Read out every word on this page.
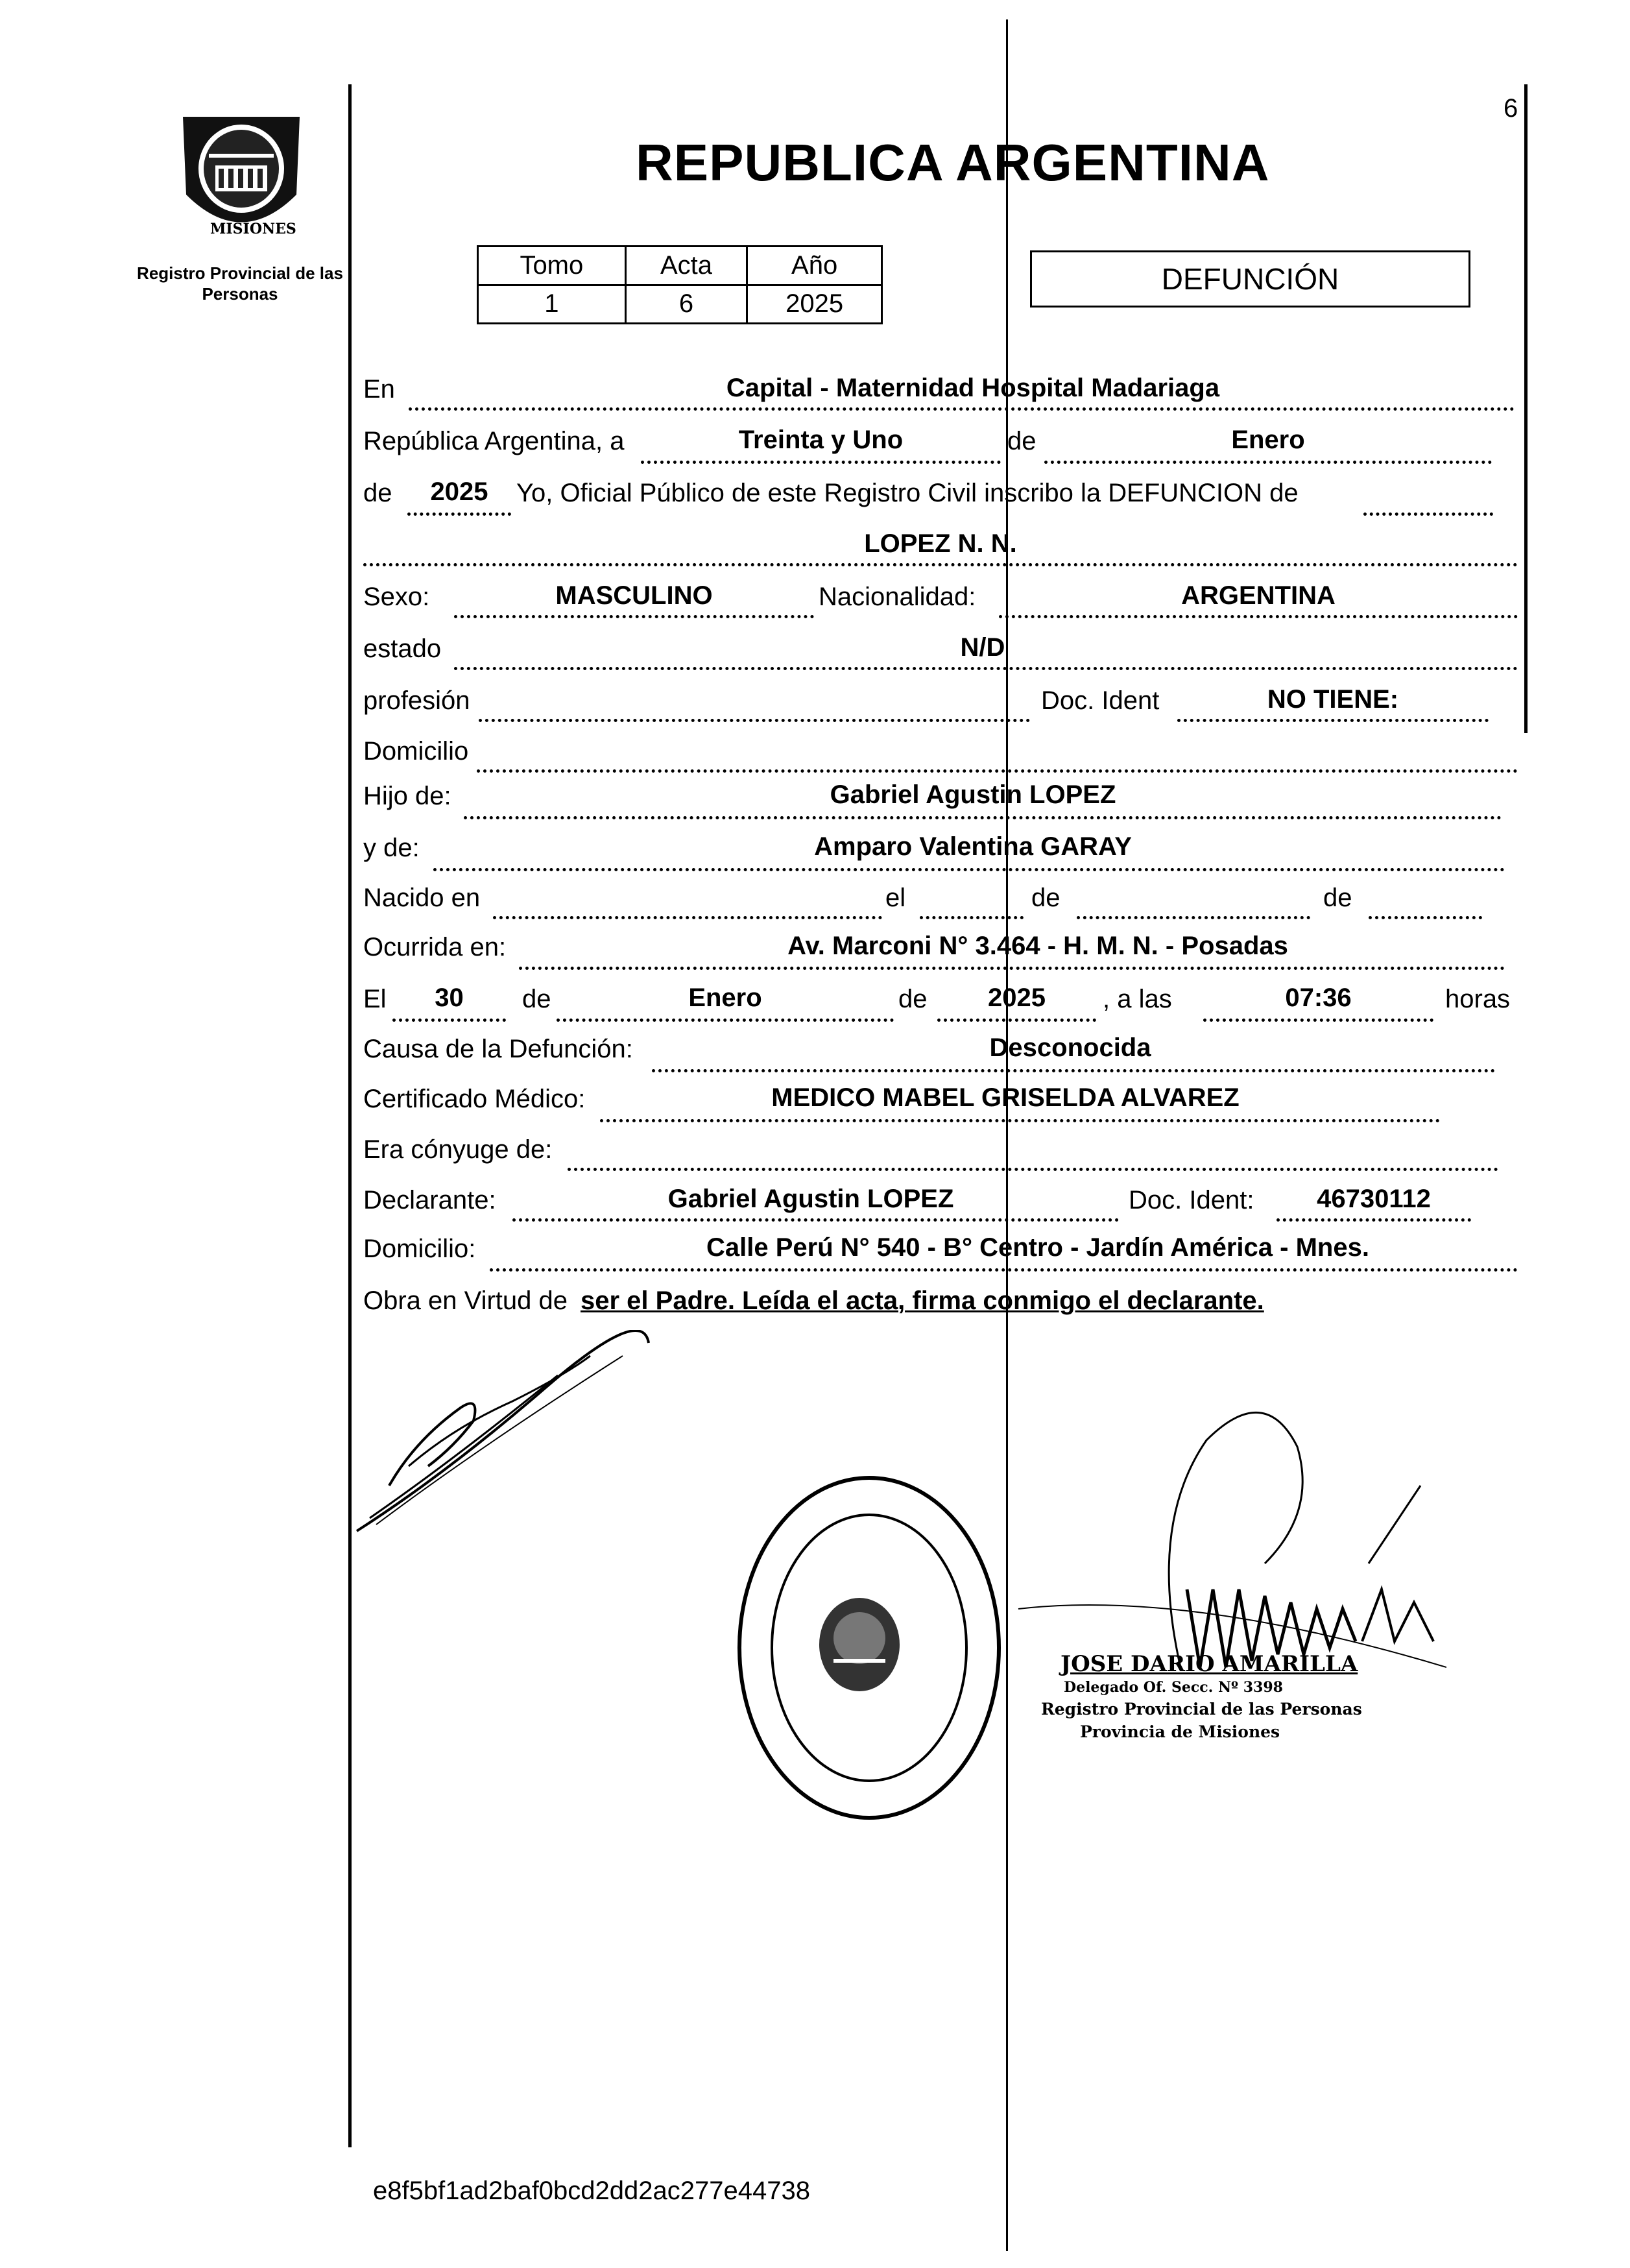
6
PROVINCIA DE
MISIONES
Registro Provincial de las Personas
REPUBLICA ARGENTINA
Tomo	Acta	Año
1	6	2025
DEFUNCIÓN
En	Capital - Maternidad Hospital Madariaga
República Argentina, a	Treinta y Uno	de	Enero
de	2025	Yo, Oficial Público de este Registro Civil inscribo la DEFUNCION de
LOPEZ N. N.
Sexo:	MASCULINO	Nacionalidad:	ARGENTINA
estado	N/D
profesión	Doc. Ident	NO TIENE:
Domicilio
Hijo de:	Gabriel Agustin LOPEZ
y de:	Amparo Valentina GARAY
Nacido en	el	de	de
Ocurrida en:	Av. Marconi N° 3.464 - H. M. N. - Posadas
El	30	de	Enero	de	2025	, a las	07:36	horas
Causa de la Defunción:	Desconocida
Certificado Médico:	MEDICO MABEL GRISELDA ALVAREZ
Era cónyuge de:
Declarante:	Gabriel Agustin LOPEZ	Doc. Ident:	46730112
Domicilio:	Calle Perú N° 540 - B° Centro - Jardín América - Mnes.
Obra en Virtud de ser el Padre. Leída el acta, firma conmigo el declarante.
JOSE DARIO AMARILLA
Delegado Of. Secc. Nº 3398
Registro Provincial de las Personas
Provincia de Misiones
e8f5bf1ad2baf0bcd2dd2ac277e44738
